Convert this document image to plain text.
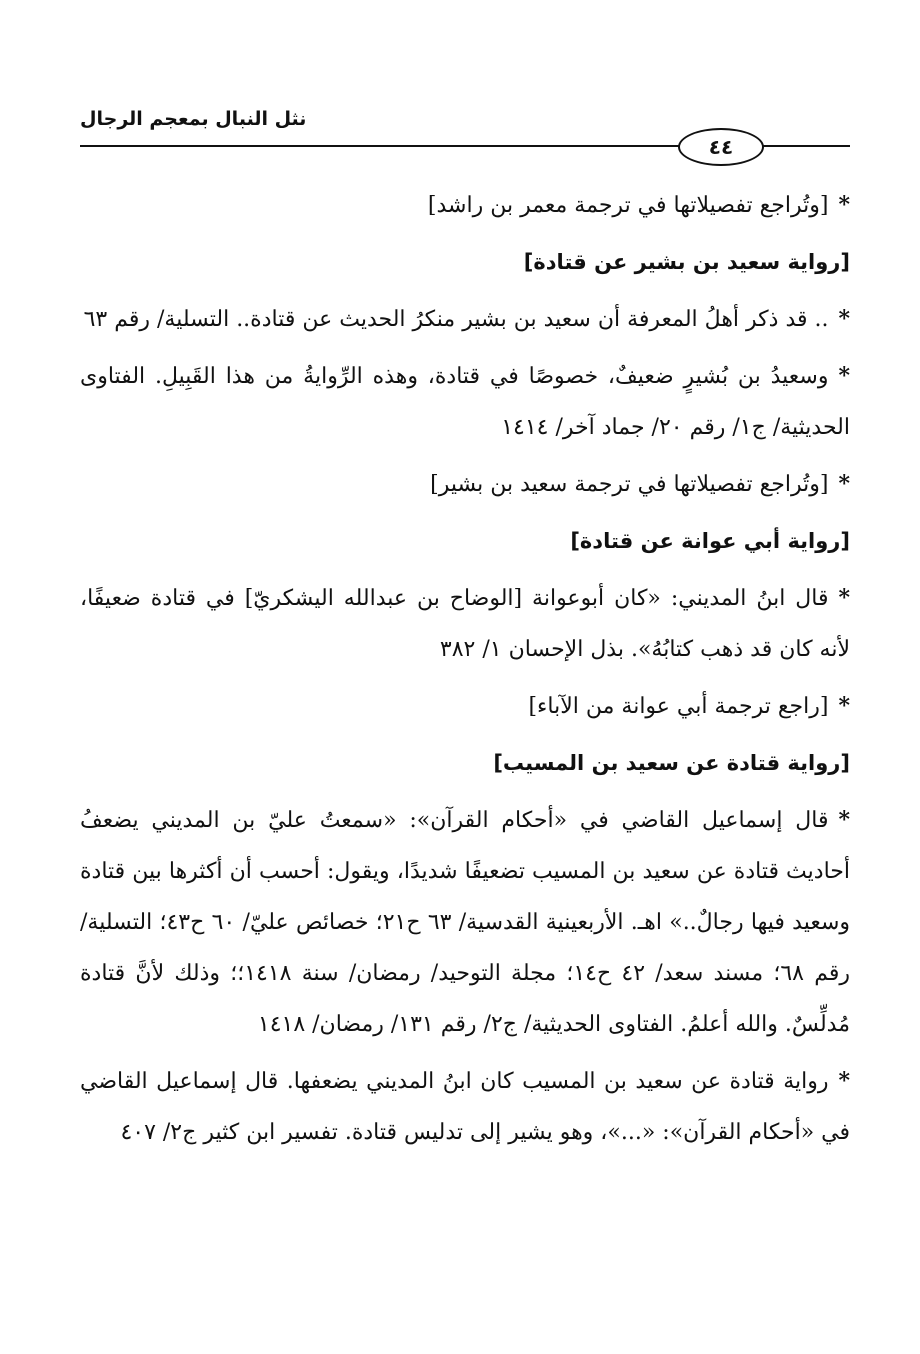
نثل النبال بمعجم الرجال
٤٤

*[وتُراجع تفصيلاتها في ترجمة معمر بن راشد]

[رواية سعيد بن بشير عن قتادة]

*.. قد ذكر أهلُ المعرفة أن سعيد بن بشير منكرُ الحديث عن قتادة.. التسلية/ رقم ٦٣

*وسعيدُ بن بُشيرٍ ضعيفٌ، خصوصًا في قتادة، وهذه الرِّوايةُ من هذا القَبِيلِ. الفتاوى الحديثية/ ج١/ رقم ٢٠/ جماد آخر/ ١٤١٤

*[وتُراجع تفصيلاتها في ترجمة سعيد بن بشير]

[رواية أبي عوانة عن قتادة]

*قال ابنُ المديني: «كان أبوعوانة [الوضاح بن عبدالله اليشكريّ] في قتادة ضعيفًا، لأنه كان قد ذهب كتابُهُ». بذل الإحسان ١/ ٣٨٢

*[راجع ترجمة أبي عوانة من الآباء]

[رواية قتادة عن سعيد بن المسيب]

*قال إسماعيل القاضي في «أحكام القرآن»: «سمعتُ عليّ بن المديني يضعفُ أحاديث قتادة عن سعيد بن المسيب تضعيفًا شديدًا، ويقول: أحسب أن أكثرها بين قتادة وسعيد فيها رجالٌ..» اهـ. الأربعينية القدسية/ ٦٣ ح٢١؛ خصائص عليّ/ ٦٠ ح٤٣؛ التسلية/ رقم ٦٨؛ مسند سعد/ ٤٢ ح١٤؛ مجلة التوحيد/ رمضان/ سنة ١٤١٨؛؛ وذلك لأنَّ قتادة مُدلِّسٌ. والله أعلمُ. الفتاوى الحديثية/ ج٢/ رقم ١٣١/ رمضان/ ١٤١٨

*رواية قتادة عن سعيد بن المسيب كان ابنُ المديني يضعفها. قال إسماعيل القاضي في «أحكام القرآن»: «...»، وهو يشير إلى تدليس قتادة. تفسير ابن كثير ج٢/ ٤٠٧
